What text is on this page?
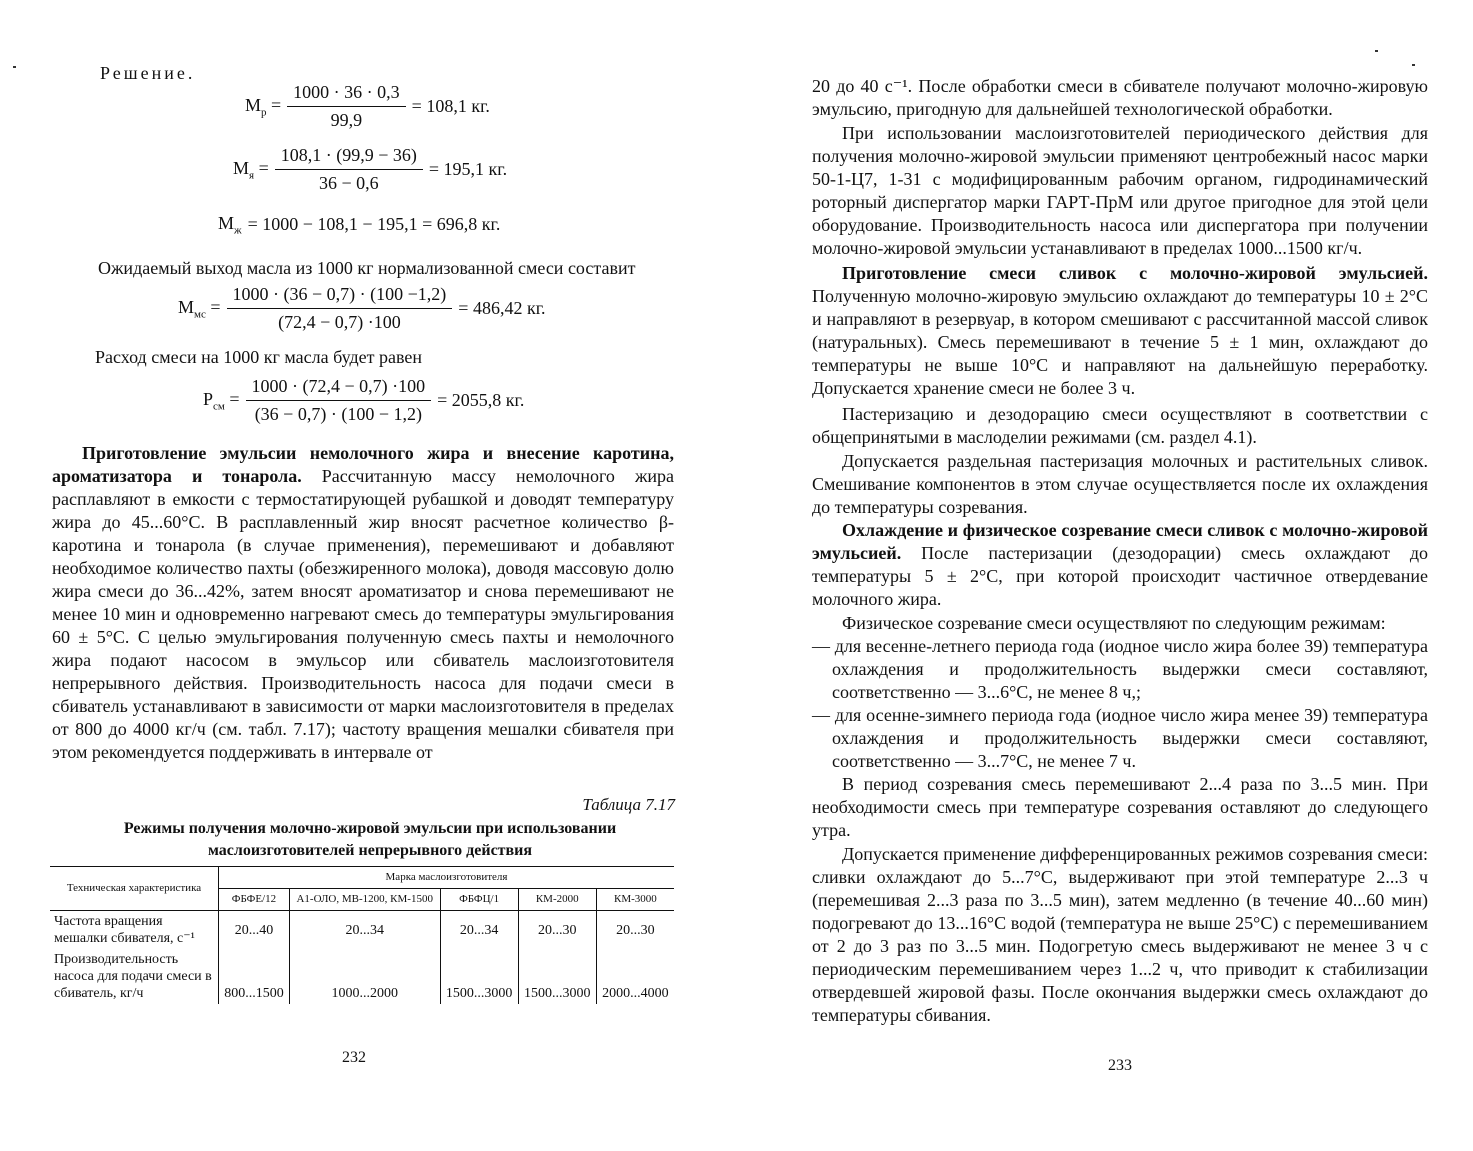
Решение.

$М_р = \frac{1000 \cdot 36 \cdot 0,3}{99,9} = 108,1$ кг.
$М_я = \frac{108,1 \cdot (99,9 - 36)}{36 - 0,6} = 195,1$ кг.
$М_ж = 1000 - 108,1 - 195,1 = 696,8$ кг.

Ожидаемый выход масла из 1000 кг нормализованной смеси составит

$М_{мс} = \frac{1000 \cdot (36 - 0,7) \cdot (100 -1,2)}{(72,4 - 0,7) \cdot 100} = 486,42$ кг.

Расход смеси на 1000 кг масла будет равен

$Р_{см} = \frac{1000 \cdot (72,4 - 0,7) \cdot 100}{(36 - 0,7) \cdot (100 - 1,2)} = 2055,8$ кг.

Приготовление эмульсии немолочного жира и внесение каротина, ароматизатора и тонарола. Рассчитанную массу немолочного жира расплавляют в емкости с термостатирующей рубашкой и доводят температуру жира до 45...60°С. В расплавленный жир вносят расчетное количество β-каротина и тонарола (в случае применения), перемешивают и добавляют необходимое количество пахты (обезжиренного молока), доводя массовую долю жира смеси до 36...42%, затем вносят ароматизатор и снова перемешивают не менее 10 мин и одновременно нагревают смесь до температуры эмульгирования 60 ± 5°С. С целью эмульгирования полученную смесь пахты и немолочного жира подают насосом в эмульсор или сбиватель маслоизготовителя непрерывного действия. Производительность насоса для подачи смеси в сбиватель устанавливают в зависимости от марки маслоизготовителя в пределах от 800 до 4000 кг/ч (см. табл. 7.17); частоту вращения мешалки сбивателя при этом рекомендуется поддерживать в интервале от

Таблица 7.17
Режимы получения молочно-жировой эмульсии при использовании маслоизготовителей непрерывного действия
Техническая характеристика	Марка маслоизготовителя				
	ФБФЕ/12	А1-ОЛО, МВ-1200, КМ-1500	ФБФЦ/1	КМ-2000	КМ-3000
Частота вращения мешалки сбивателя, с⁻¹	20...40	20...34	20...34	20...30	20...30
Производительность насоса для подачи смеси в сбиватель, кг/ч	800...1500	1000...2000	1500...3000	1500...3000	2000...4000
232

20 до 40 с⁻¹. После обработки смеси в сбивателе получают молочно-жировую эмульсию, пригодную для дальнейшей технологической обработки.

При использовании маслоизготовителей периодического действия для получения молочно-жировой эмульсии применяют центробежный насос марки 50-1-Ц7, 1-31 с модифицированным рабочим органом, гидродинамический роторный диспергатор марки ГАРТ-ПрМ или другое пригодное для этой цели оборудование. Производительность насоса или диспергатора при получении молочно-жировой эмульсии устанавливают в пределах 1000...1500 кг/ч.

Приготовление смеси сливок с молочно-жировой эмульсией. Полученную молочно-жировую эмульсию охлаждают до температуры 10 ± 2°С и направляют в резервуар, в котором смешивают с рассчитанной массой сливок (натуральных). Смесь перемешивают в течение 5 ± 1 мин, охлаждают до температуры не выше 10°С и направляют на дальнейшую переработку. Допускается хранение смеси не более 3 ч.

Пастеризацию и дезодорацию смеси осуществляют в соответствии с общепринятыми в маслоделии режимами (см. раздел 4.1).

Допускается раздельная пастеризация молочных и растительных сливок. Смешивание компонентов в этом случае осуществляется после их охлаждения до температуры созревания.

Охлаждение и физическое созревание смеси сливок с молочно-жировой эмульсией. После пастеризации (дезодорации) смесь охлаждают до температуры 5 ± 2°С, при которой происходит частичное отвердевание молочного жира.

Физическое созревание смеси осуществляют по следующим режимам:

— для весенне-летнего периода года (иодное число жира более 39) температура охлаждения и продолжительность выдержки смеси составляют, соответственно — 3...6°С, не менее 8 ч,;
— для осенне-зимнего периода года (иодное число жира менее 39) температура охлаждения и продолжительность выдержки смеси составляют, соответственно — 3...7°С, не менее 7 ч.

В период созревания смесь перемешивают 2...4 раза по 3...5 мин. При необходимости смесь при температуре созревания оставляют до следующего утра.

Допускается применение дифференцированных режимов созревания смеси: сливки охлаждают до 5...7°С, выдерживают при этой температуре 2...3 ч (перемешивая 2...3 раза по 3...5 мин), затем медленно (в течение 40...60 мин) подогревают до 13...16°С водой (температура не выше 25°С) с перемешиванием от 2 до 3 раз по 3...5 мин. Подогретую смесь выдерживают не менее 3 ч с периодическим перемешиванием через 1...2 ч, что приводит к стабилизации отвердевшей жировой фазы. После окончания выдержки смесь охлаждают до температуры сбивания.

233
